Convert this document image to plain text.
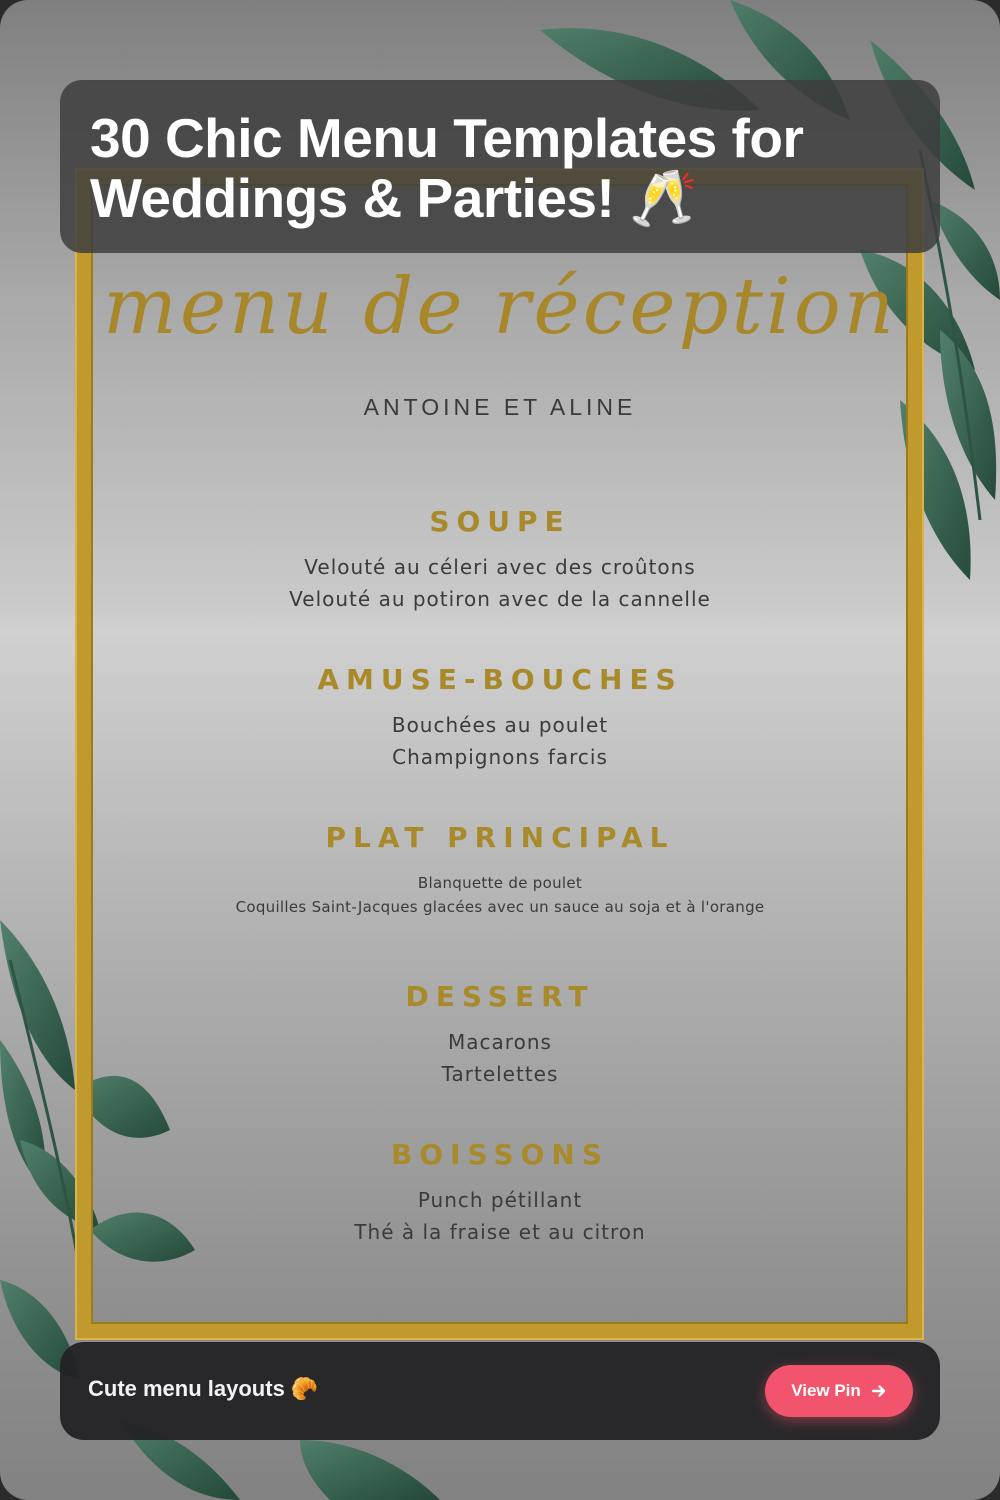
menu de réception
ANTOINE ET ALINE
SOUPE
Velouté au céleri avec des croûtons
Velouté au potiron avec de la cannelle
AMUSE-BOUCHES
Bouchées au poulet
Champignons farcis
PLAT PRINCIPAL
Blanquette de poulet
Coquilles Saint-Jacques glacées avec un sauce au soja et à l'orange
DESSERT
Macarons
Tartelettes
BOISSONS
Punch pétillant
Thé à la fraise et au citron
30 Chic Menu Templates for
Weddings & Parties! 🥂
Cute menu layouts 🥐	View Pin
